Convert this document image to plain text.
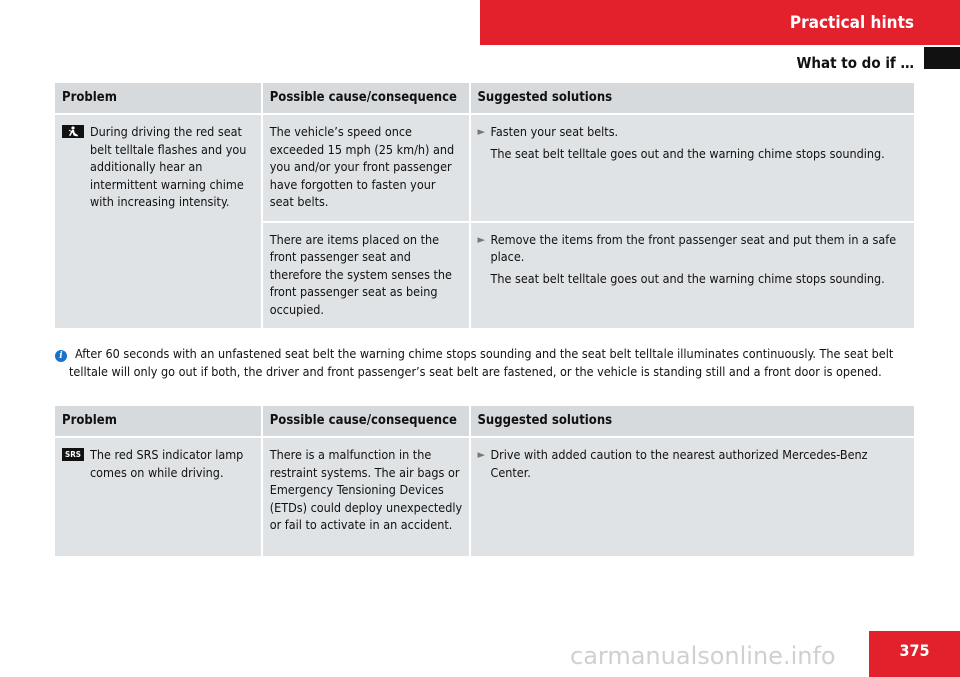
Practical hints
What to do if …
Problem	Possible cause/consequence	Suggested solutions

During driving the red seat belt telltale flashes and you additionally hear an intermittent warning chime with increasing intensity.	The vehicle’s speed once exceeded 15 mph (25 km/h) and you and/or your front passenger have forgotten to fasten your seat belts.	► Fasten your seat belts.
The seat belt telltale goes out and the warning chime stops sounding.

	There are items placed on the front passenger seat and therefore the system senses the front passenger seat as being occupied.	► Remove the items from the front passenger seat and put them in a safe place.
The seat belt telltale goes out and the warning chime stops sounding.
i After 60 seconds with an unfastened seat belt the warning chime stops sounding and the seat belt telltale illuminates continuously. The seat belt telltale will only go out if both, the driver and front passenger’s seat belt are fastened, or the vehicle is standing still and a front door is opened.
Problem	Possible cause/consequence	Suggested solutions

SRS The red SRS indicator lamp comes on while driving.	There is a malfunction in the restraint systems. The air bags or Emergency Tensioning Devices (ETDs) could deploy unexpectedly or fail to activate in an accident.	► Drive with added caution to the nearest authorized Mercedes-Benz Center.
carmanualsonline.info	375
